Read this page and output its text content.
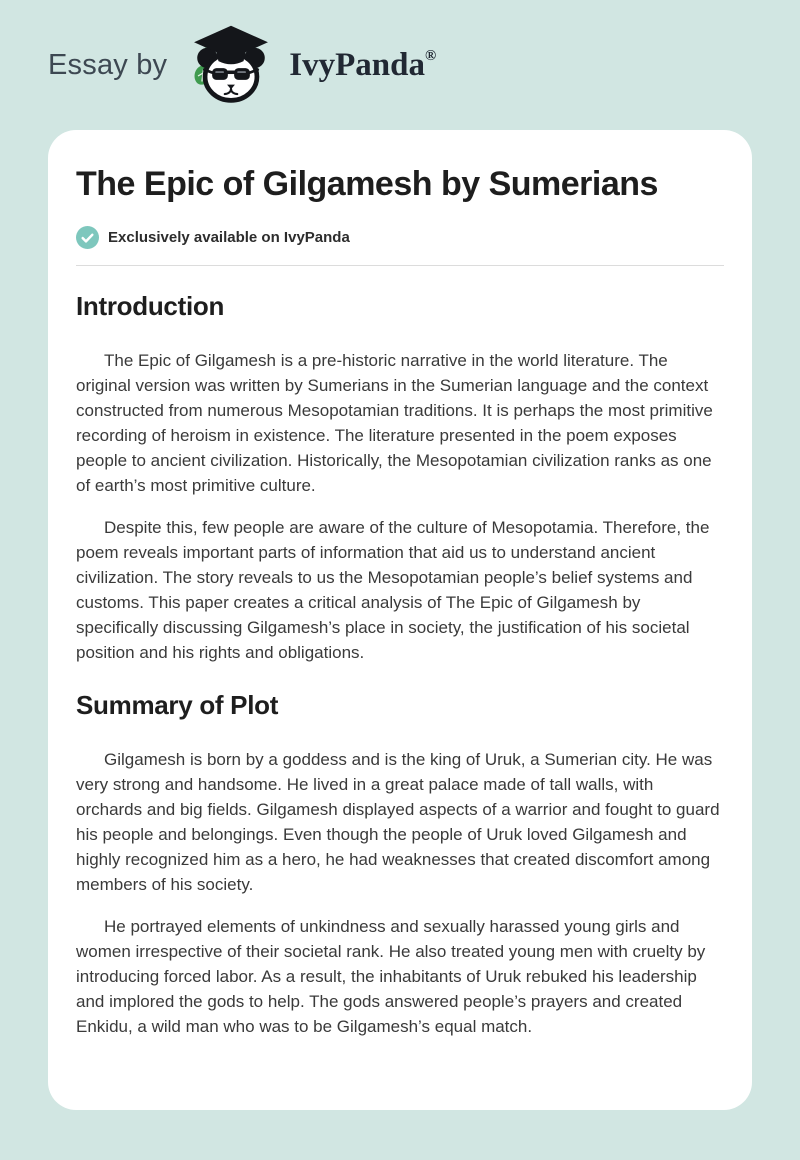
Essay by	IvyPanda®
The Epic of Gilgamesh by Sumerians
Exclusively available on IvyPanda
Introduction

The Epic of Gilgamesh is a pre-historic narrative in the world literature. The original version was written by Sumerians in the Sumerian language and the context constructed from numerous Mesopotamian traditions. It is perhaps the most primitive recording of heroism in existence. The literature presented in the poem exposes people to ancient civilization. Historically, the Mesopotamian civilization ranks as one of earth’s most primitive culture.

Despite this, few people are aware of the culture of Mesopotamia. Therefore, the poem reveals important parts of information that aid us to understand ancient civilization. The story reveals to us the Mesopotamian people’s belief systems and customs. This paper creates a critical analysis of The Epic of Gilgamesh by specifically discussing Gilgamesh’s place in society, the justification of his societal position and his rights and obligations.

Summary of Plot

Gilgamesh is born by a goddess and is the king of Uruk, a Sumerian city. He was very strong and handsome. He lived in a great palace made of tall walls, with orchards and big fields. Gilgamesh displayed aspects of a warrior and fought to guard his people and belongings. Even though the people of Uruk loved Gilgamesh and highly recognized him as a hero, he had weaknesses that created discomfort among members of his society.

He portrayed elements of unkindness and sexually harassed young girls and women irrespective of their societal rank. He also treated young men with cruelty by introducing forced labor. As a result, the inhabitants of Uruk rebuked his leadership and implored the gods to help. The gods answered people’s prayers and created Enkidu, a wild man who was to be Gilgamesh’s equal match.
